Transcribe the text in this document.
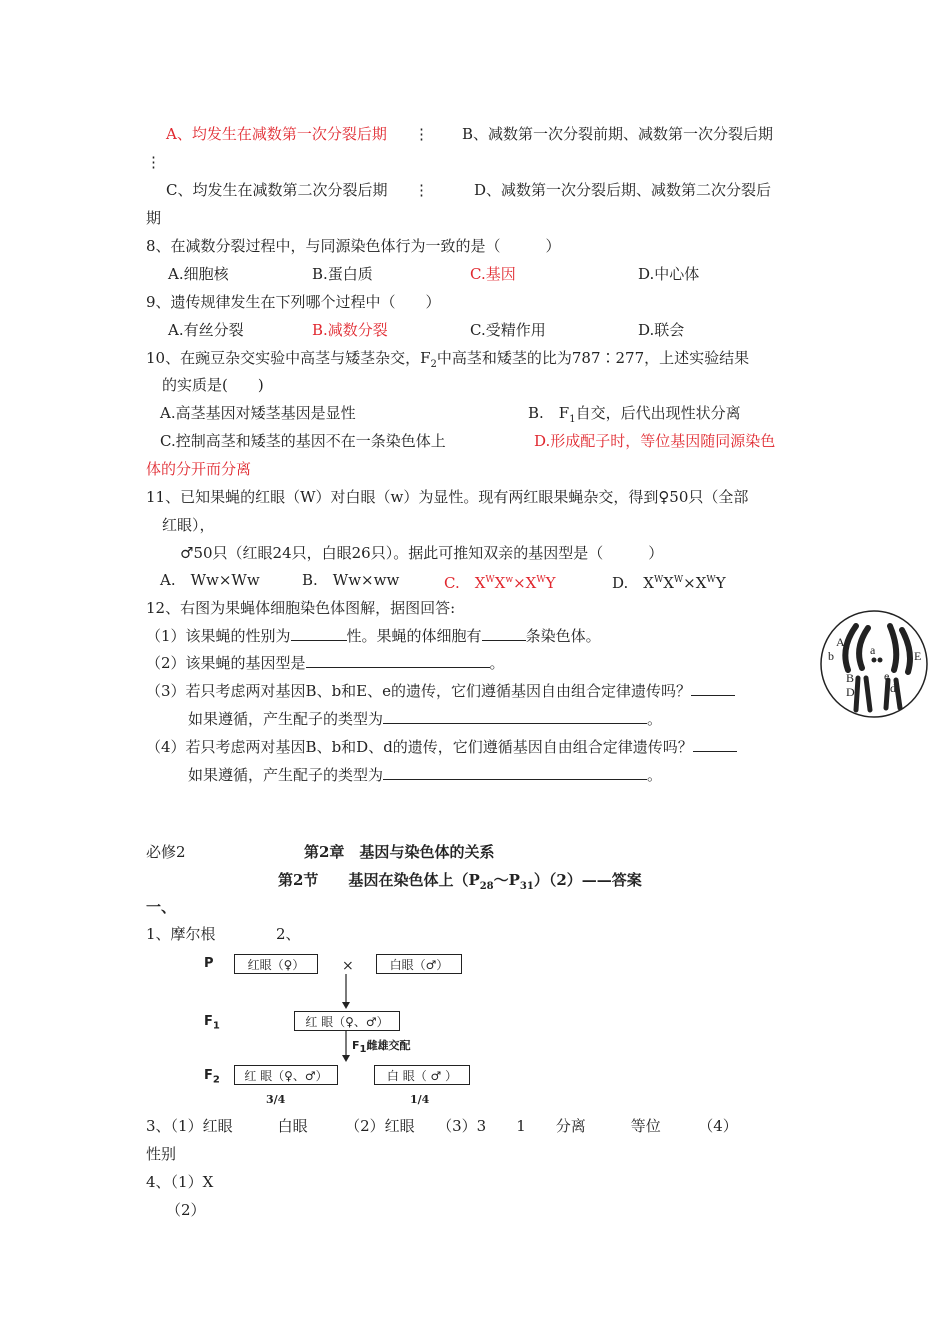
A、均发生在减数第一次分裂后期 ⋮ B、减数第一次分裂前期、减数第一次分裂后期
⋮
C、均发生在减数第二次分裂后期 ⋮	D、减数第一次分裂后期、减数第二次分裂后
期
8、在减数分裂过程中，与同源染色体行为一致的是（　　　）
A.细胞核	B.蛋白质	C.基因	D.中心体
9、遗传规律发生在下列哪个过程中（　　）
A.有丝分裂	B.减数分裂	C.受精作用	D.联会
10、在豌豆杂交实验中高茎与矮茎杂交，$F_2$中高茎和矮茎的比为787∶277，上述实验结果
的实质是(　　)
A.高茎基因对矮茎基因是显性	B.　$F_1$自交，后代出现性状分离
C.控制高茎和矮茎的基因不在一条染色体上	D.形成配子时，等位基因随同源染色
体的分开而分离
11、已知果蝇的红眼（W）对白眼（w）为显性。现有两红眼果蝇杂交，得到♀50只（全部
红眼），
♂50只（红眼24只，白眼26只）。据此可推知双亲的基因型是（　　　）
A.　Ww×Ww	B.　Ww×ww	C.　$X^WX^w\times X^WY$	D.　$X^WX^W\times X^WY$
12、右图为果蝇体细胞染色体图解，据图回答:
（1）该果蝇的性别为	性。果蝇的体细胞有	条染色体。
（2）该果蝇的基因型是	。
（3）若只考虑两对基因B、b和E、e的遗传，它们遵循基因自由组合定律遗传吗？
如果遵循，产生配子的类型为	。
（4）若只考虑两对基因B、b和D、d的遗传，它们遵循基因自由组合定律遗传吗？
如果遵循，产生配子的类型为	。
A
a
b
B
D
E
e
d
必修2	第2章　基因与染色体的关系
第2节　　基因在染色体上$(P_{28}\sim P_{31})(2)——$答案
一、
1、摩尔根	2、
P	红眼（♀）	×	白眼（♂）
$F_1$	红 眼（♀、♂）
F1雌雄交配
$F_2$	红 眼（♀、♂）	白 眼（ ♂ ）
3/4	1/4
3、（1）红眼　　　白眼　　　（2）红眼　　（3）3　　1　　分离　　　等位　　　（4）
性别
4、（1）X
（2）
